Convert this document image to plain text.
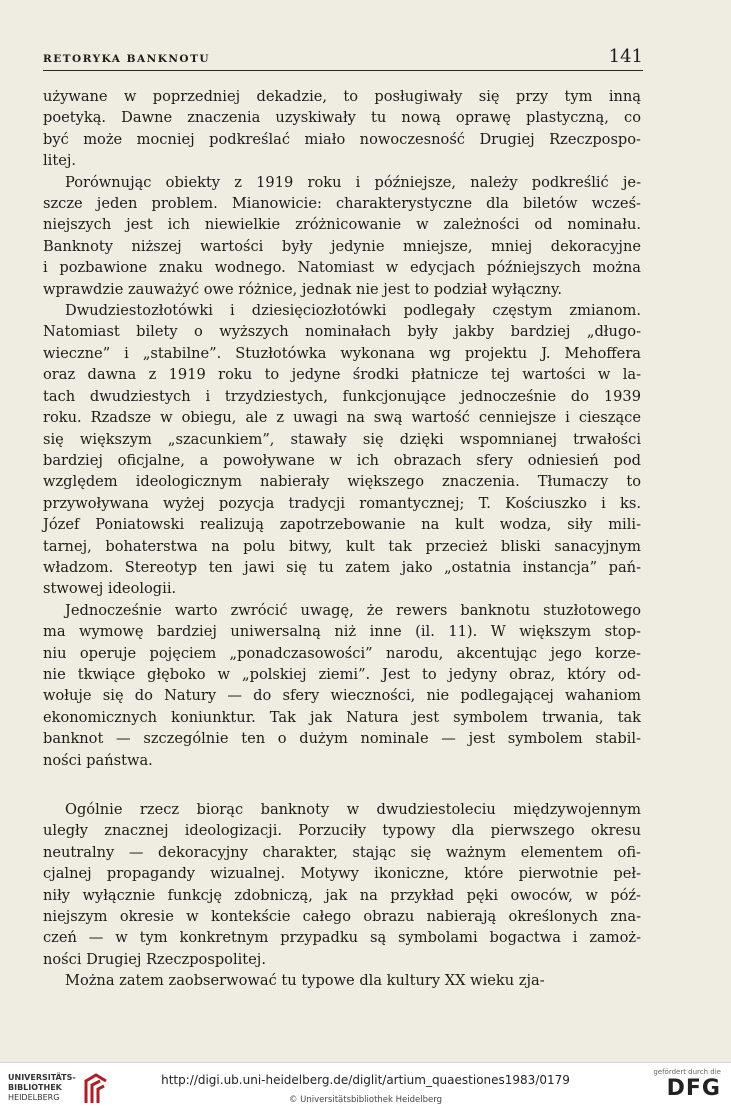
RETORYKA BANKNOTU	141
używane w poprzedniej dekadzie, to posługiwały się przy tym inną
poetyką. Dawne znaczenia uzyskiwały tu nową oprawę plastyczną, co
być może mocniej podkreślać miało nowoczesność Drugiej Rzeczpospo-
litej.
Porównując obiekty z 1919 roku i późniejsze, należy podkreślić je-
szcze jeden problem. Mianowicie: charakterystyczne dla biletów wcześ-
niejszych jest ich niewielkie zróżnicowanie w zależności od nominału.
Banknoty niższej wartości były jedynie mniejsze, mniej dekoracyjne
i pozbawione znaku wodnego. Natomiast w edycjach późniejszych można
wprawdzie zauważyć owe różnice, jednak nie jest to podział wyłączny.
Dwudziestozłotówki i dziesięciozłotówki podlegały częstym zmianom.
Natomiast bilety o wyższych nominałach były jakby bardziej „długo-
wieczne” i „stabilne”. Stuzłotówka wykonana wg projektu J. Mehoffera
oraz dawna z 1919 roku to jedyne środki płatnicze tej wartości w la-
tach dwudziestych i trzydziestych, funkcjonujące jednocześnie do 1939
roku. Rzadsze w obiegu, ale z uwagi na swą wartość cenniejsze i cieszące
się większym „szacunkiem”, stawały się dzięki wspomnianej trwałości
bardziej oficjalne, a powoływane w ich obrazach sfery odniesień pod
względem ideologicznym nabierały większego znaczenia. Tłumaczy to
przywoływana wyżej pozycja tradycji romantycznej; T. Kościuszko i ks.
Józef Poniatowski realizują zapotrzebowanie na kult wodza, siły mili-
tarnej, bohaterstwa na polu bitwy, kult tak przecież bliski sanacyjnym
władzom. Stereotyp ten jawi się tu zatem jako „ostatnia instancja” pań-
stwowej ideologii.
Jednocześnie warto zwrócić uwagę, że rewers banknotu stuzłotowego
ma wymowę bardziej uniwersalną niż inne (il. 11). W większym stop-
niu operuje pojęciem „ponadczasowości” narodu, akcentując jego korze-
nie tkwiące głęboko w „polskiej ziemi”. Jest to jedyny obraz, który od-
wołuje się do Natury — do sfery wieczności, nie podlegającej wahaniom
ekonomicznych koniunktur. Tak jak Natura jest symbolem trwania, tak
banknot — szczególnie ten o dużym nominale — jest symbolem stabil-
ności państwa.
Ogólnie rzecz biorąc banknoty w dwudziestoleciu międzywojennym
uległy znacznej ideologizacji. Porzuciły typowy dla pierwszego okresu
neutralny — dekoracyjny charakter, stając się ważnym elementem ofi-
cjalnej propagandy wizualnej. Motywy ikoniczne, które pierwotnie peł-
niły wyłącznie funkcję zdobniczą, jak na przykład pęki owoców, w póź-
niejszym okresie w kontekście całego obrazu nabierają określonych zna-
czeń — w tym konkretnym przypadku są symbolami bogactwa i zamoż-
ności Drugiej Rzeczpospolitej.
Można zatem zaobserwować tu typowe dla kultury XX wieku zja-
UNIVERSITÄTS-
BIBLIOTHEK
HEIDELBERG
http://digi.ub.uni-heidelberg.de/diglit/artium_quaestiones1983/0179
© Universitätsbibliothek Heidelberg
gefördert durch die
DFG
